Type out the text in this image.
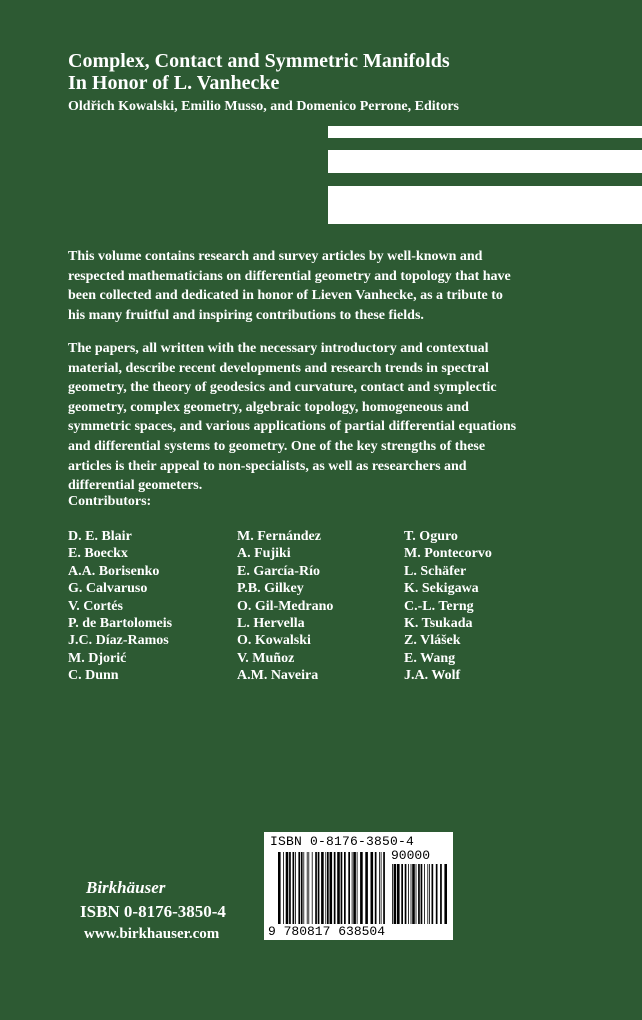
Complex, Contact and Symmetric Manifolds
In Honor of L. Vanhecke
Oldřich Kowalski, Emilio Musso, and Domenico Perrone, Editors
This volume contains research and survey articles by well-known and
respected mathematicians on differential geometry and topology that have
been collected and dedicated in honor of Lieven Vanhecke, as a tribute to
his many fruitful and inspiring contributions to these fields.
The papers, all written with the necessary introductory and contextual
material, describe recent developments and research trends in spectral
geometry, the theory of geodesics and curvature, contact and symplectic
geometry, complex geometry, algebraic topology, homogeneous and
symmetric spaces, and various applications of partial differential equations
and differential systems to geometry. One of the key strengths of these
articles is their appeal to non-specialists, as well as researchers and
differential geometers.
Contributors:
D. E. Blair
E. Boeckx
A.A. Borisenko
G. Calvaruso
V. Cortés
P. de Bartolomeis
J.C. Díaz-Ramos
M. Djorić
C. Dunn
M. Fernández
A. Fujiki
E. García-Río
P.B. Gilkey
O. Gil-Medrano
L. Hervella
O. Kowalski
V. Muñoz
A.M. Naveira
T. Oguro
M. Pontecorvo
L. Schäfer
K. Sekigawa
C.-L. Terng
K. Tsukada
Z. Vlášek
E. Wang
J.A. Wolf
Birkhäuser
ISBN 0-8176-3850-4
www.birkhauser.com
ISBN 0-8176-3850-4
90000
9 780817 638504
